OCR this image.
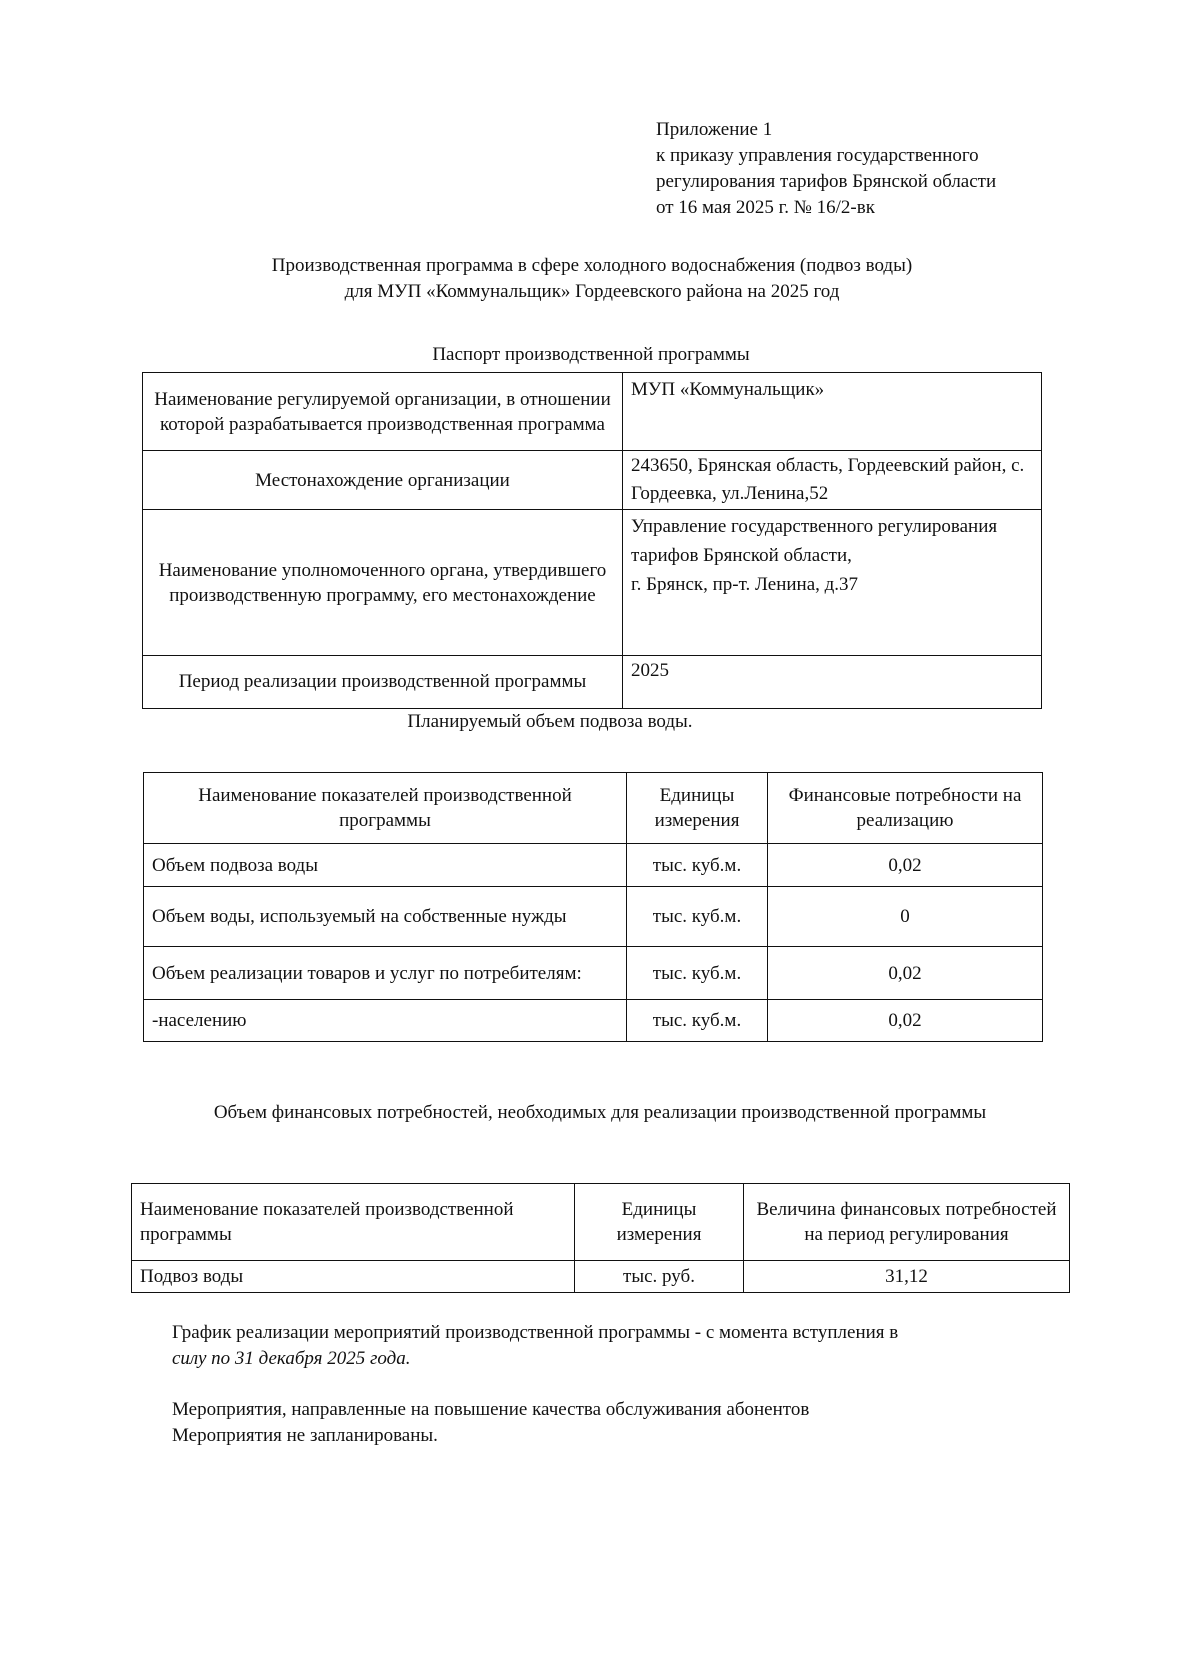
Приложение 1
к приказу управления государственного
регулирования тарифов Брянской области
от 16 мая 2025 г. № 16/2-вк
Производственная программа в сфере холодного водоснабжения (подвоз воды)
для МУП «Коммунальщик» Гордеевского района на 2025 год
Паспорт производственной программы
Наименование регулируемой организации, в отношении которой разрабатывается производственная программа	МУП «Коммунальщик»
Местонахождение организации	243650, Брянская область, Гордеевский район, с. Гордеевка, ул.Ленина,52
Наименование уполномоченного органа, утвердившего производственную программу, его местонахождение	Управление государственного регулирования тарифов Брянской области,
г. Брянск, пр-т. Ленина, д.37

Период реализации производственной программы	2025
Планируемый объем подвоза воды.
Наименование показателей производственной программы	Единицы измерения	Финансовые потребности на реализацию
Объем подвоза воды	тыс. куб.м.	0,02
Объем воды, используемый на собственные нужды	тыс. куб.м.	0
Объем реализации товаров и услуг по потребителям:	тыс. куб.м.	0,02
-населению	тыс. куб.м.	0,02
Объем финансовых потребностей, необходимых для реализации производственной программы
Наименование показателей производственной программы	Единицы измерения	Величина финансовых потребностей на период регулирования
Подвоз воды	тыс. руб.	31,12
График реализации мероприятий производственной программы - с момента вступления в
силу по 31 декабря 2025 года.
Мероприятия, направленные на повышение качества обслуживания абонентов
Мероприятия не запланированы.
